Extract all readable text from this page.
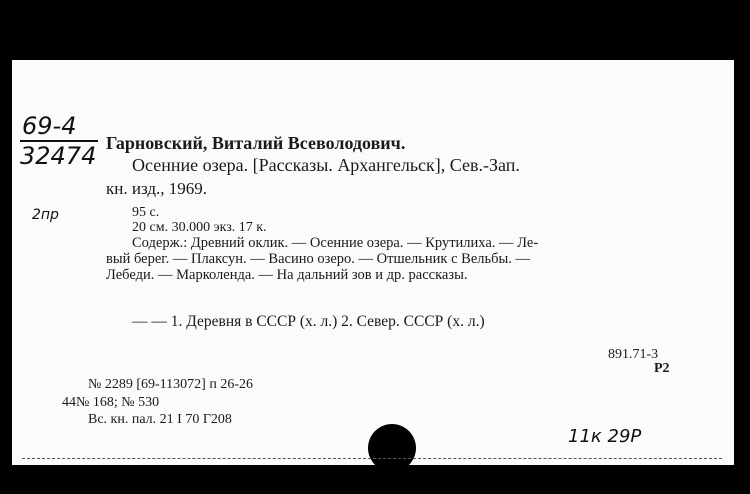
69-4
32474 Гарновский, Виталий Всеволодович.
Осенние озера. [Рассказы. Архангельск], Сев.-Зап.
кн. изд., 1969.
95 с.
20 см. 30.000 экз. 17 к.
2пр
Содерж.: Древний оклик. — Осенние озера. — Крутилиха. — Ле-
вый берег. — Плаксун. — Васино озеро. — Отшельник с Вельбы. —
Лебеди. — Марколенда. — На дальний зов и др. рассказы.
— — 1. Деревня в СССР (х. л.) 2. Север. СССР (х. л.)
891.71-3
Р2
№ 2289 [69-113072] п 26-26
44№ 168; № 530
Вс. кн. пал. 21 I 70 Г208
11к 29Р
